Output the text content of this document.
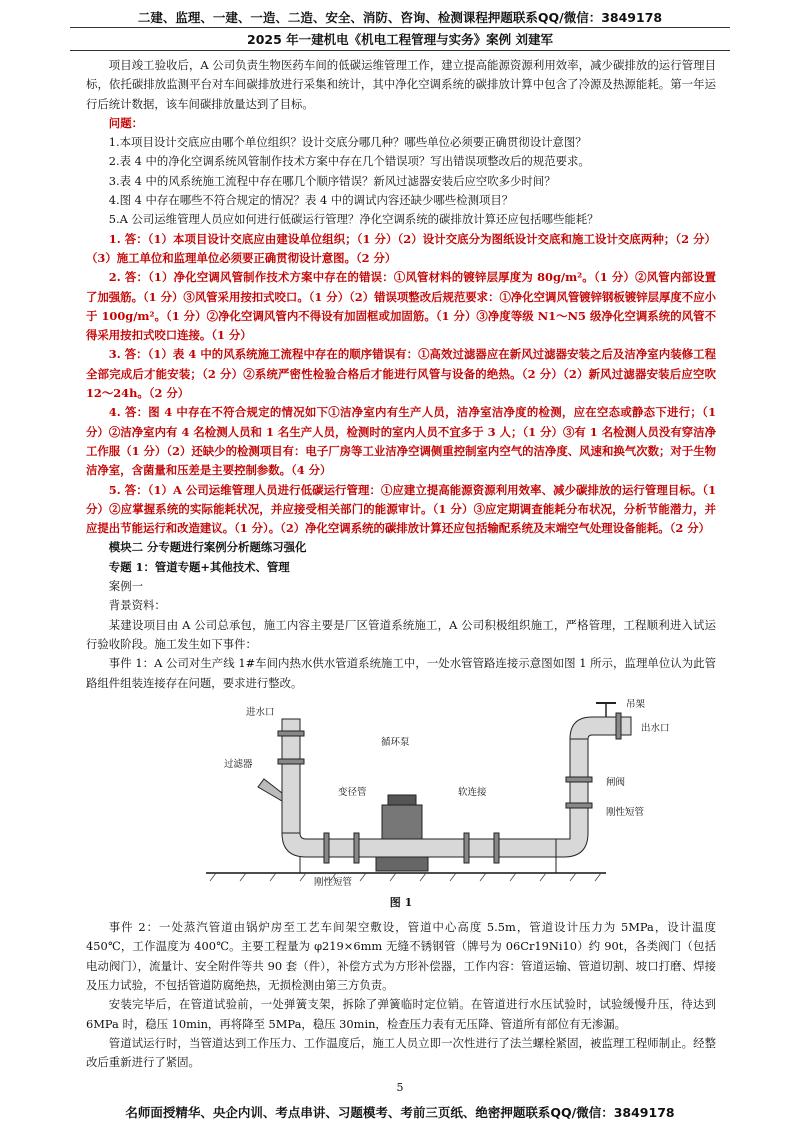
二建、监理、一建、一造、二造、安全、消防、咨询、检测课程押题联系QQ/微信：3849178
2025 年一建机电《机电工程管理与实务》案例 刘建军

项目竣工验收后，A 公司负责生物医药车间的低碳运维管理工作，建立提高能源资源利用效率，减少碳排放的运行管理目标，依托碳排放监测平台对车间碳排放进行采集和统计，其中净化空调系统的碳排放计算中包含了冷源及热源能耗。第一年运行后统计数据，该车间碳排放量达到了目标。

问题：

1.本项目设计交底应由哪个单位组织？设计交底分哪几种？哪些单位必须要正确贯彻设计意图？

2.表 4 中的净化空调系统风管制作技术方案中存在几个错误项？写出错误项整改后的规范要求。

3.表 4 中的风系统施工流程中存在哪几个顺序错误？新风过滤器安装后应空吹多少时间？

4.图 4 中存在哪些不符合规定的情况？表 4 中的调试内容还缺少哪些检测项目？

5.A 公司运维管理人员应如何进行低碳运行管理？净化空调系统的碳排放计算还应包括哪些能耗？

1. 答：（1）本项目设计交底应由建设单位组织；（1 分）（2）设计交底分为图纸设计交底和施工设计交底两种；（2 分）（3）施工单位和监理单位必须要正确贯彻设计意图。（2 分）

2. 答：（1）净化空调风管制作技术方案中存在的错误：①风管材料的镀锌层厚度为 80g/m²。（1 分）②风管内部设置了加强筋。（1 分）③风管采用按扣式咬口。（1 分）（2）错误项整改后规范要求：①净化空调风管镀锌钢板镀锌层厚度不应小于 100g/m²。（1 分）②净化空调风管内不得设有加固框或加固筋。（1 分）③净度等级 N1～N5 级净化空调系统的风管不得采用按扣式咬口连接。（1 分）

3. 答：（1）表 4 中的风系统施工流程中存在的顺序错误有：①高效过滤器应在新风过滤器安装之后及洁净室内装修工程全部完成后才能安装；（2 分）②系统严密性检验合格后才能进行风管与设备的绝热。（2 分）（2）新风过滤器安装后应空吹 12～24h。（2 分）

4. 答：图 4 中存在不符合规定的情况如下①洁净室内有生产人员，洁净室洁净度的检测，应在空态或静态下进行；（1 分）②洁净室内有 4 名检测人员和 1 名生产人员，检测时的室内人员不宜多于 3 人；（1 分）③有 1 名检测人员没有穿洁净工作服（1 分）（2）还缺少的检测项目有：电子厂房等工业洁净空调侧重控制室内空气的洁净度、风速和换气次数；对于生物洁净室，含菌量和压差是主要控制参数。（4 分）

5. 答：（1）A 公司运维管理人员进行低碳运行管理：①应建立提高能源资源利用效率、减少碳排放的运行管理目标。（1 分）②应掌握系统的实际能耗状况，并应接受相关部门的能源审计。（1 分）③应定期调查能耗分布状况，分析节能潜力，并应提出节能运行和改造建议。（1 分）。（2）净化空调系统的碳排放计算还应包括输配系统及末端空气处理设备能耗。（2 分）

模块二 分专题进行案例分析题练习强化

专题 1：管道专题+其他技术、管理

案例一

背景资料：

某建设项目由 A 公司总承包，施工内容主要是厂区管道系统施工，A 公司积极组织施工，严格管理，工程顺利进入试运行验收阶段。施工发生如下事件：

事件 1：A 公司对生产线 1#车间内热水供水管道系统施工中，一处水管管路连接示意图如图 1 所示，监理单位认为此管路组件组装连接存在问题，要求进行整改。

进水口
过滤器
循环泵
变径管	软连接
刚性短管
吊架
出水口
闸阀
刚性短管
图 1

事件 2：一处蒸汽管道由锅炉房至工艺车间架空敷设，管道中心高度 5.5m，管道设计压力为 5MPa，设计温度 450℃，工作温度为 400℃。主要工程量为 φ219×6mm 无缝不锈钢管（牌号为 06Cr19Ni10）约 90t，各类阀门（包括电动阀门），流量计、安全附件等共 90 套（件），补偿方式为方形补偿器，工作内容：管道运输、管道切割、坡口打磨、焊接及压力试验，不包括管道防腐绝热，无损检测由第三方负责。

安装完毕后，在管道试验前，一处弹簧支架，拆除了弹簧临时定位销。在管道进行水压试验时，试验缓慢升压，待达到 6MPa 时，稳压 10min，再将降至 5MPa，稳压 30min，检查压力表有无压降、管道所有部位有无渗漏。

管道试运行时，当管道达到工作压力、工作温度后，施工人员立即一次性进行了法兰螺栓紧固，被监理工程师制止。经整改后重新进行了紧固。

5
名师面授精华、央企内训、考点串讲、习题模考、考前三页纸、绝密押题联系QQ/微信：3849178
